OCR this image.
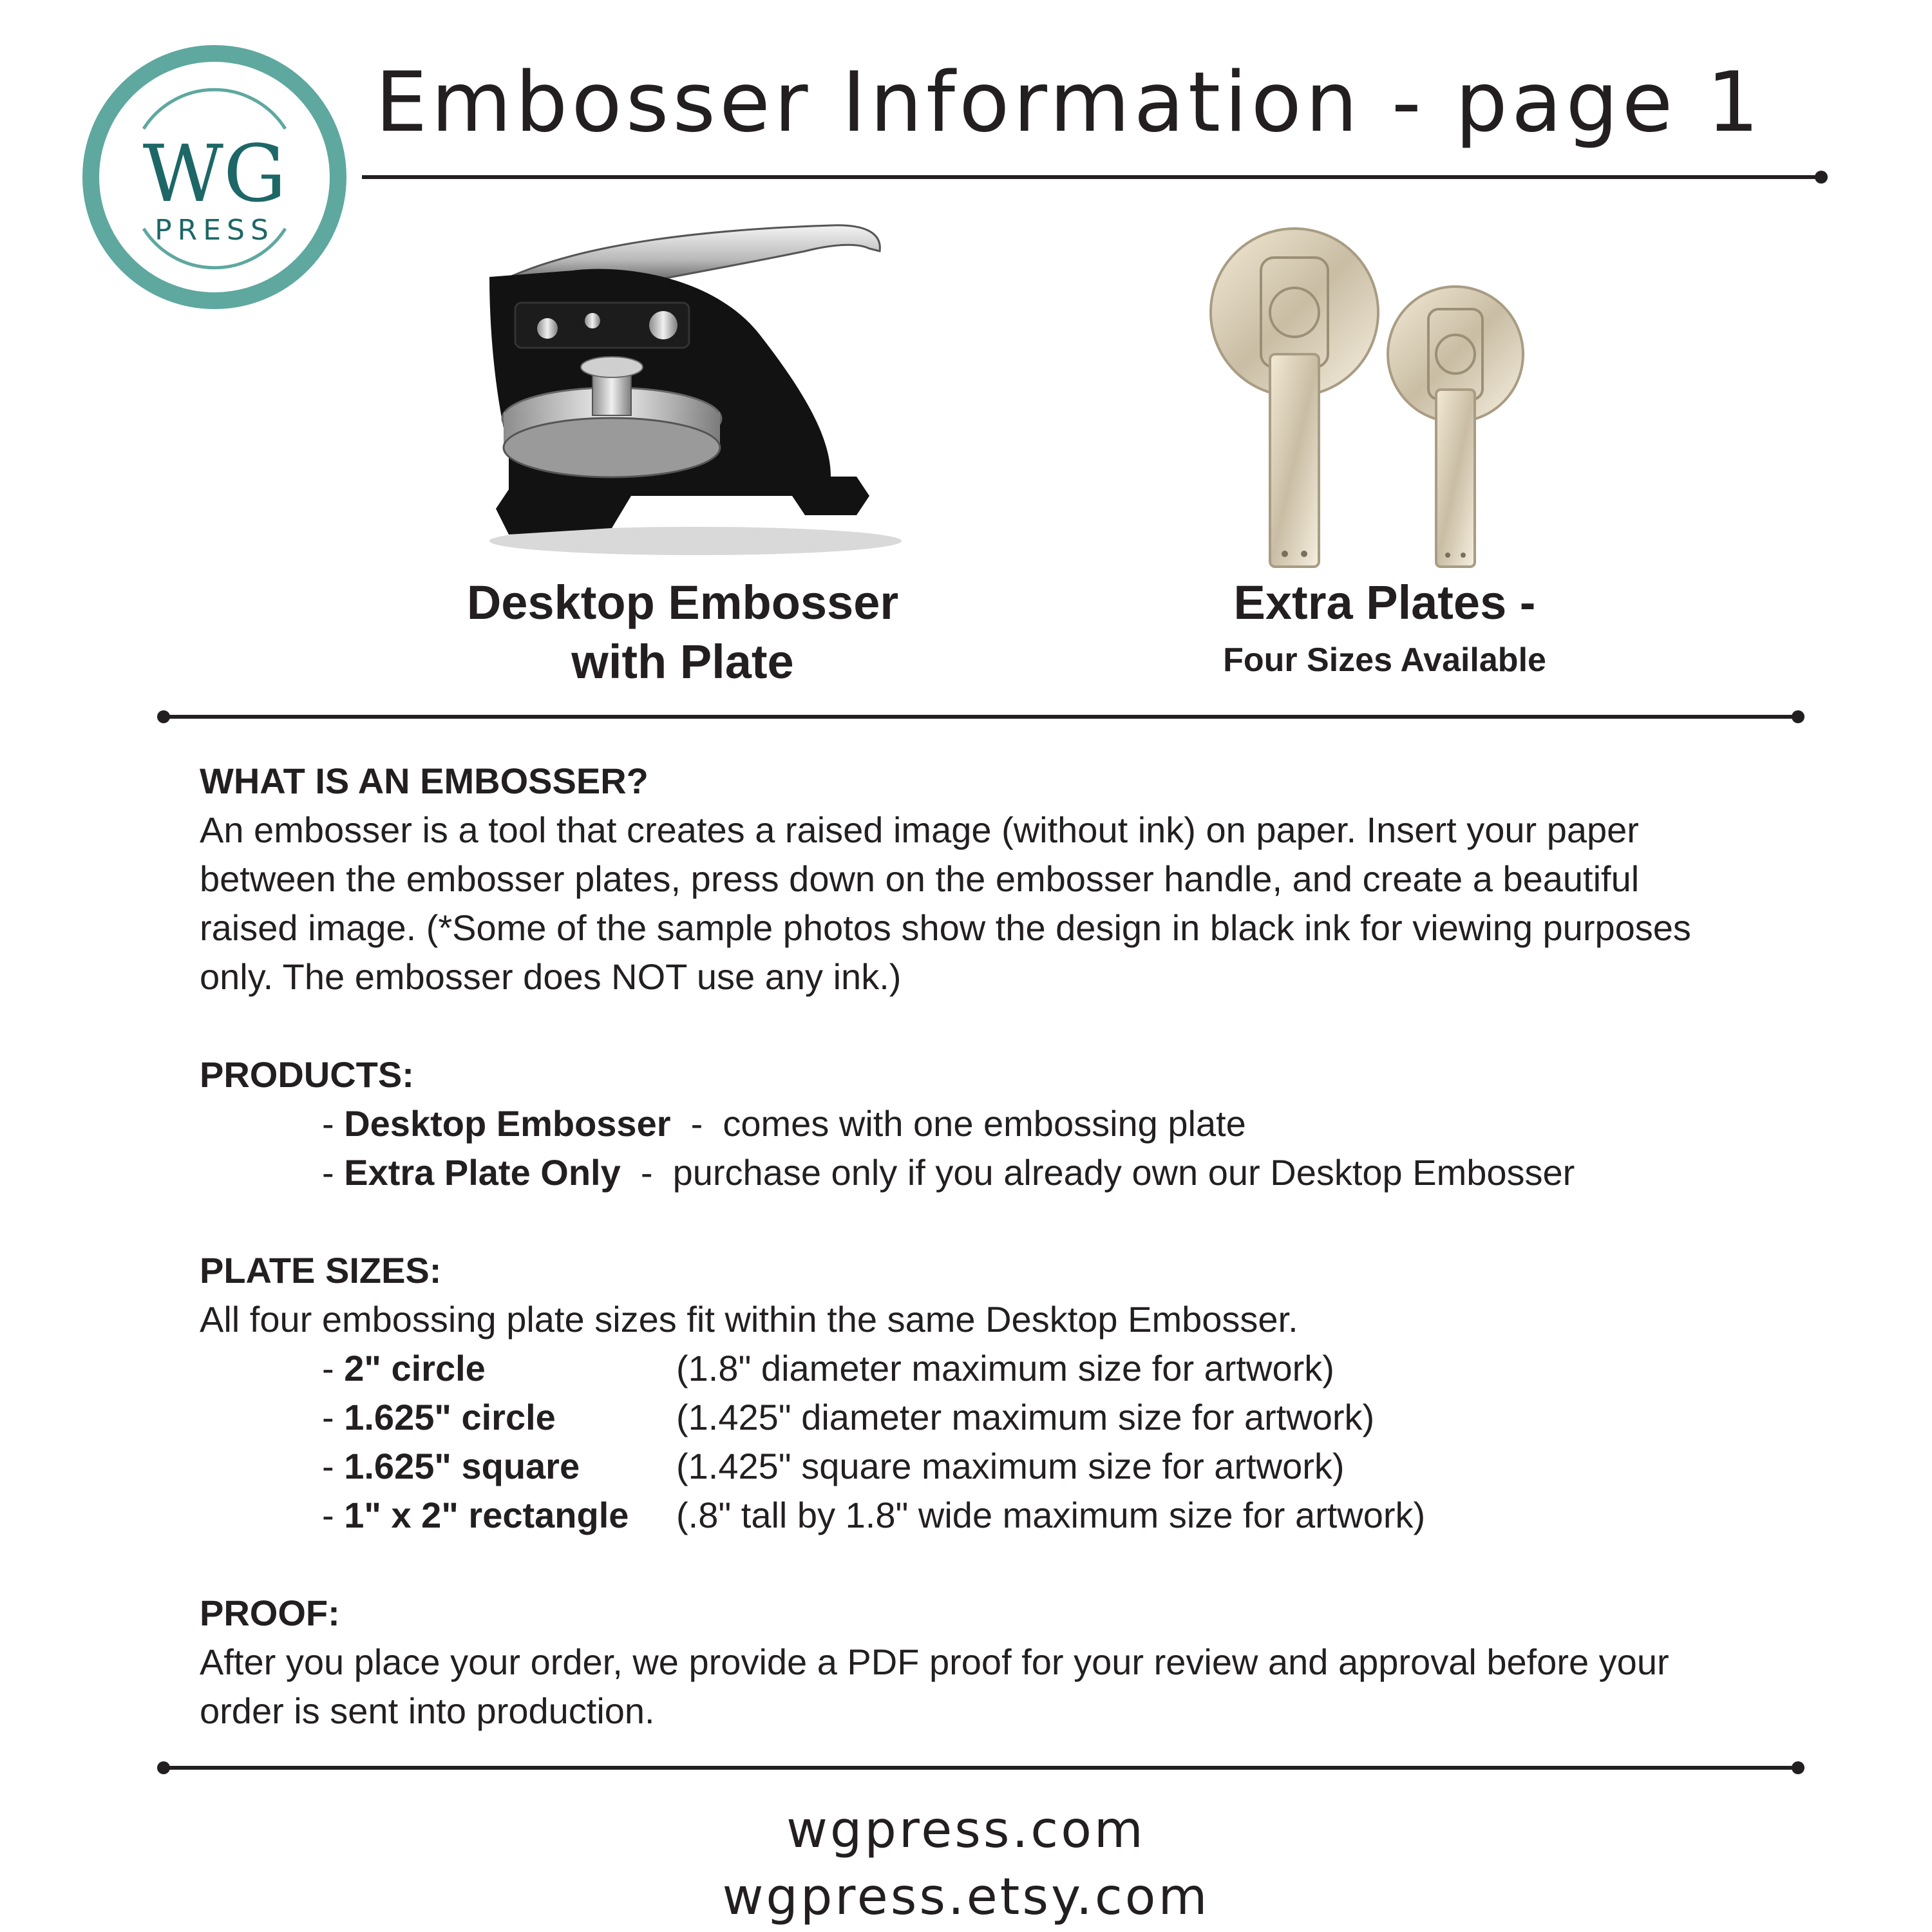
WG
PRESS
Embosser Information - page 1
Desktop Embosser
with Plate
Extra Plates -
Four Sizes Available

WHAT IS AN EMBOSSER?

An embosser is a tool that creates a raised image (without ink) on paper. Insert your paper

between the embosser plates, press down on the embosser handle, and create a beautiful

raised image. (*Some of the sample photos show the design in black ink for viewing purposes

only. The embosser does NOT use any ink.)

PRODUCTS:

- Desktop Embosser -  comes with one embossing plate
- Extra Plate Only -  purchase only if you already own our Desktop Embosser

PLATE SIZES:

All four embossing plate sizes fit within the same Desktop Embosser.

- 2" circle	(1.8" diameter maximum size for artwork)
- 1.625" circle	(1.425" diameter maximum size for artwork)
- 1.625" square	(1.425" square maximum size for artwork)
- 1" x 2" rectangle	(.8" tall by 1.8" wide maximum size for artwork)

PROOF:

After you place your order, we provide a PDF proof for your review and approval before your

order is sent into production.

wgpress.com
wgpress.etsy.com
